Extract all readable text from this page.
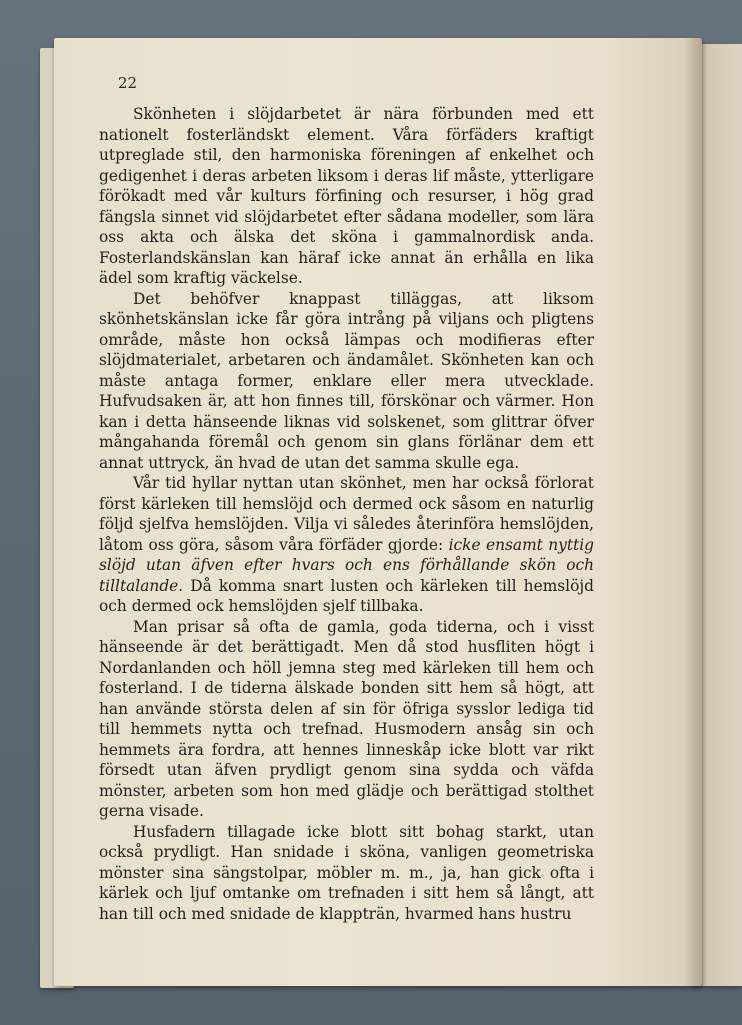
22

Skönheten i slöjdarbetet är nära förbunden med ett nationelt fosterländskt element. Våra förfäders kraftigt utpreglade stil, den harmoniska föreningen af enkelhet och gedigenhet i deras arbeten liksom i deras lif måste, ytterligare förökadt med vår kulturs förfining och resurser, i hög grad fängsla sinnet vid slöjdarbetet efter sådana modeller, som lära oss akta och älska det sköna i gammalnordisk anda. Fosterlandskänslan kan häraf icke annat än erhålla en lika ädel som kraftig väckelse.

Det behöfver knappast tilläggas, att liksom skönhetskänslan icke får göra intrång på viljans och pligtens område, måste hon också lämpas och modifieras efter slöjdmaterialet, arbetaren och ändamålet. Skönheten kan och måste antaga former, enklare eller mera utvecklade. Hufvudsaken är, att hon finnes till, förskönar och värmer. Hon kan i detta hänseende liknas vid solskenet, som glittrar öfver mångahanda föremål och genom sin glans förlänar dem ett annat uttryck, än hvad de utan det samma skulle ega.

Vår tid hyllar nyttan utan skönhet, men har också förlorat först kärleken till hemslöjd och dermed ock såsom en naturlig följd sjelfva hemslöjden. Vilja vi således återinföra hemslöjden, låtom oss göra, såsom våra förfäder gjorde: icke ensamt nyttig slöjd utan äfven efter hvars och ens förhållande skön och tilltalande. Då komma snart lusten och kärleken till hemslöjd och dermed ock hemslöjden sjelf tillbaka.

Man prisar så ofta de gamla, goda tiderna, och i visst hänseende är det berättigadt. Men då stod husfliten högt i Nordanlanden och höll jemna steg med kärleken till hem och fosterland. I de tiderna älskade bonden sitt hem så högt, att han använde största delen af sin för öfriga sysslor lediga tid till hemmets nytta och trefnad. Husmodern ansåg sin och hemmets ära fordra, att hennes linneskåp icke blott var rikt försedt utan äfven prydligt genom sina sydda och väfda mönster, arbeten som hon med glädje och berättigad stolthet gerna visade.

Husfadern tillagade icke blott sitt bohag starkt, utan också prydligt. Han snidade i sköna, vanligen geometriska mönster sina sängstolpar, möbler m. m., ja, han gick ofta i kärlek och ljuf omtanke om trefnaden i sitt hem så långt, att han till och med snidade de klappträn, hvarmed hans hustru
